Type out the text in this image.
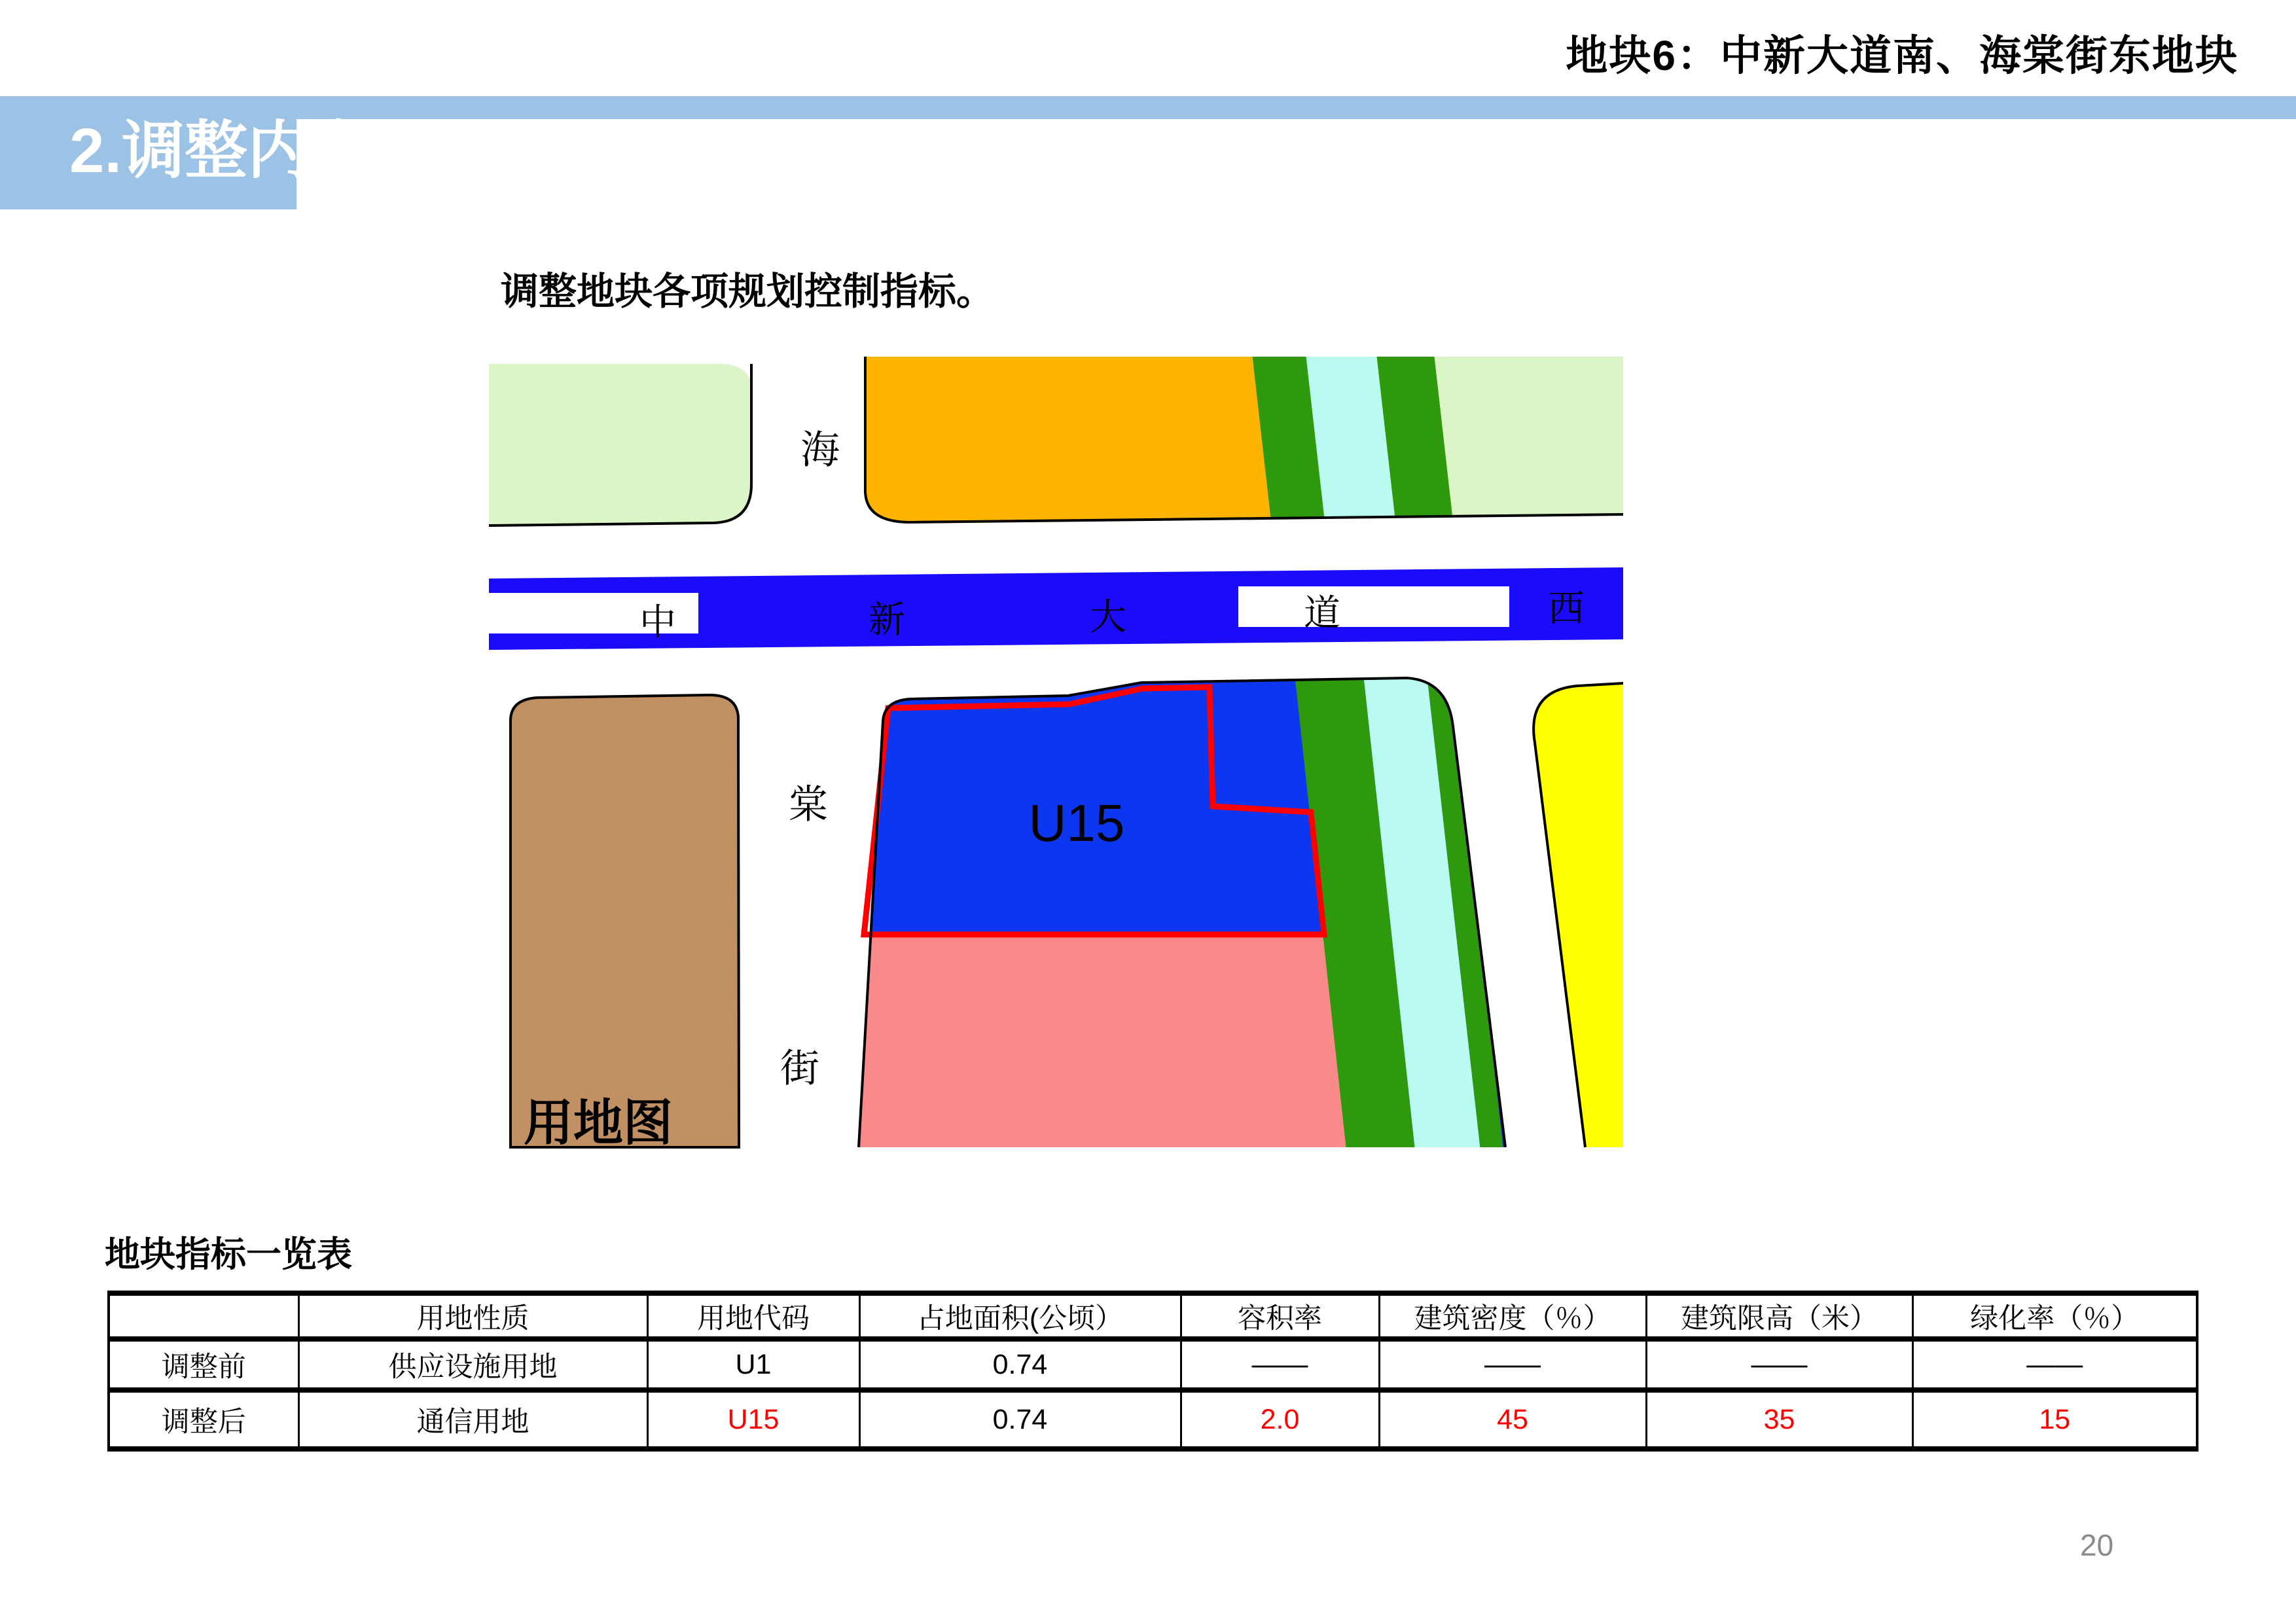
地块6：中新大道南、海棠街东地块
2.调整内容
调整地块各项规划控制指标。
海
棠
街
中	新	大	道	西
U15
用地图
地块指标一览表
	用地性质	用地代码	占地面积(公顷）	容积率	建筑密度（％）	建筑限高（米）	绿化率（％）
调整前	供应设施用地	U1	0.74	——	——	——	——
调整后	通信用地	U15	0.74	2.0	45	35	15
20
